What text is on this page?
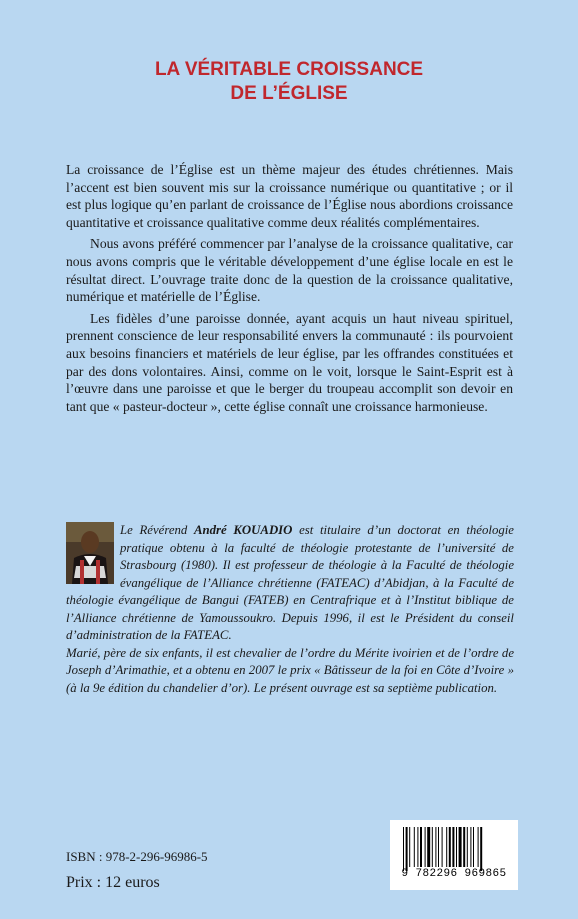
LA VÉRITABLE CROISSANCE
DE L’ÉGLISE

La croissance de l’Église est un thème majeur des études chrétiennes. Mais l’accent est bien souvent mis sur la croissance numérique ou quantitative ; or il est plus logique qu’en parlant de croissance de l’Église nous abordions croissance quantitative et croissance qualitative comme deux réalités complémentaires.

Nous avons préféré commencer par l’analyse de la croissance qualitative, car nous avons compris que le véritable développement d’une église locale en est le résultat direct. L’ouvrage traite donc de la question de la croissance qualitative, numérique et matérielle de l’Église.

Les fidèles d’une paroisse donnée, ayant acquis un haut niveau spirituel, prennent conscience de leur responsabilité envers la communauté : ils pourvoient aux besoins financiers et matériels de leur église, par les offrandes constituées et par des dons volontaires. Ainsi, comme on le voit, lorsque le Saint-Esprit est à l’œuvre dans une paroisse et que le berger du troupeau accomplit son devoir en tant que « pasteur-docteur », cette église connaît une croissance harmonieuse.

Le Révérend André KOUADIO est titulaire d’un doctorat en théologie pratique obtenu à la faculté de théologie protestante de l’université de Strasbourg (1980). Il est professeur de théologie à la Faculté de théologie évangélique de l’Alliance chrétienne (FATEAC) d’Abidjan, à la Faculté de théologie évangélique de Bangui (FATEB) en Centrafrique et à l’Institut biblique de l’Alliance chrétienne de Yamoussoukro. Depuis 1996, il est le Président du conseil d’administration de la FATEAC.

Marié, père de six enfants, il est chevalier de l’ordre du Mérite ivoirien et de l’ordre de Joseph d’Arimathie, et a obtenu en 2007 le prix « Bâtisseur de la foi en Côte d’Ivoire » (à la 9e édition du chandelier d’or). Le présent ouvrage est sa septième publication.

ISBN : 978-2-296-96986-5
Prix : 12 euros	9 782296 969865
